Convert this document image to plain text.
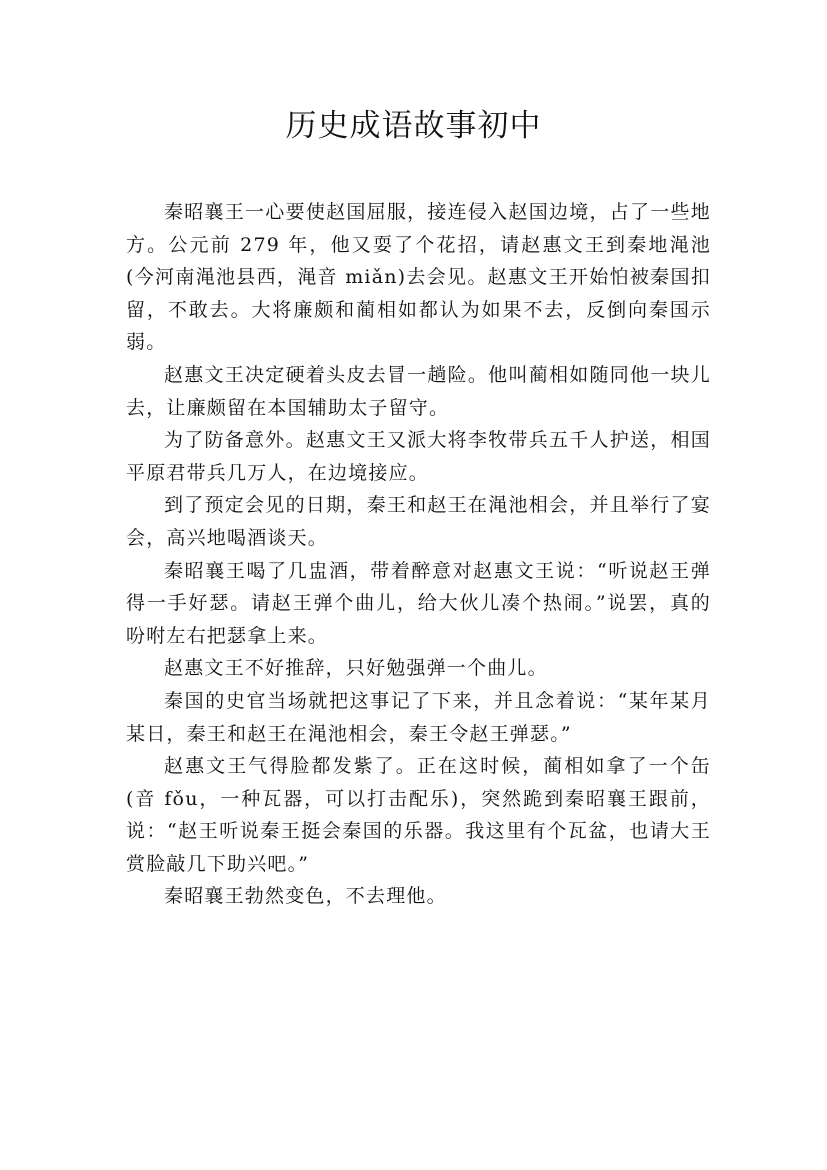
历史成语故事初中

秦昭襄王一心要使赵国屈服，接连侵入赵国边境，占了一些地方。公元前 279 年，他又耍了个花招，请赵惠文王到秦地渑池(今河南渑池县西，渑音 miǎn)去会见。赵惠文王开始怕被秦国扣留，不敢去。大将廉颇和蔺相如都认为如果不去，反倒向秦国示弱。

赵惠文王决定硬着头皮去冒一趟险。他叫蔺相如随同他一块儿去，让廉颇留在本国辅助太子留守。

为了防备意外。赵惠文王又派大将李牧带兵五千人护送，相国平原君带兵几万人，在边境接应。

到了预定会见的日期，秦王和赵王在渑池相会，并且举行了宴会，高兴地喝酒谈天。

秦昭襄王喝了几盅酒，带着醉意对赵惠文王说：“听说赵王弹得一手好瑟。请赵王弹个曲儿，给大伙儿凑个热闹。”说罢，真的吩咐左右把瑟拿上来。

赵惠文王不好推辞，只好勉强弹一个曲儿。

秦国的史官当场就把这事记了下来，并且念着说：“某年某月某日，秦王和赵王在渑池相会，秦王令赵王弹瑟。”

赵惠文王气得脸都发紫了。正在这时候，蔺相如拿了一个缶(音 fǒu，一种瓦器，可以打击配乐)，突然跪到秦昭襄王跟前，说：“赵王听说秦王挺会秦国的乐器。我这里有个瓦盆，也请大王赏脸敲几下助兴吧。”

秦昭襄王勃然变色，不去理他。
